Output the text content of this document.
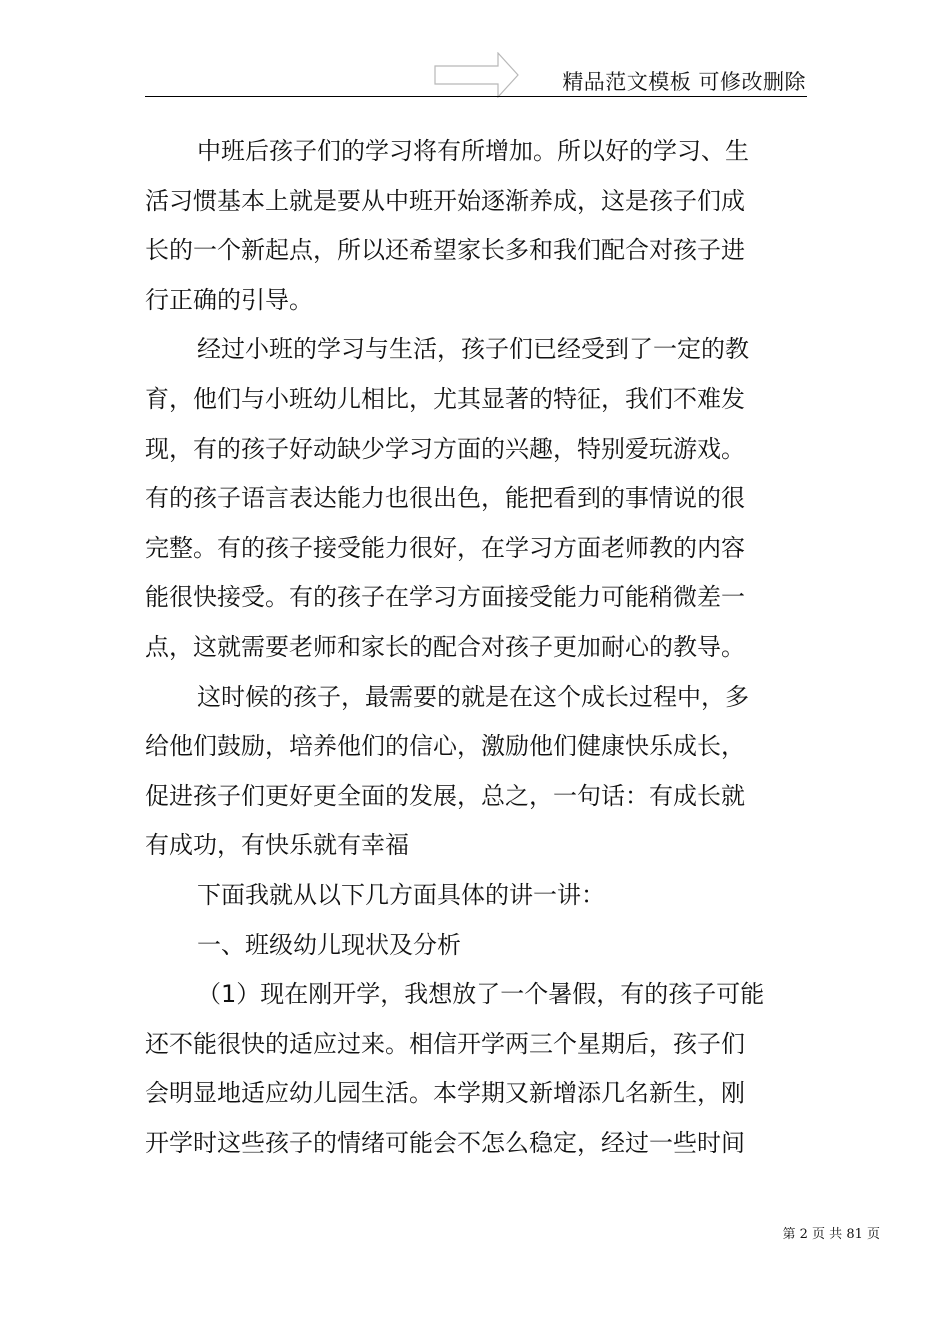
精品范文模板 可修改删除

中班后孩子们的学习将有所增加。所以好的学习、生

活习惯基本上就是要从中班开始逐渐养成，这是孩子们成

长的一个新起点，所以还希望家长多和我们配合对孩子进

行正确的引导。

经过小班的学习与生活，孩子们已经受到了一定的教

育，他们与小班幼儿相比，尤其显著的特征，我们不难发

现，有的孩子好动缺少学习方面的兴趣，特别爱玩游戏。

有的孩子语言表达能力也很出色，能把看到的事情说的很

完整。有的孩子接受能力很好，在学习方面老师教的内容

能很快接受。有的孩子在学习方面接受能力可能稍微差一

点，这就需要老师和家长的配合对孩子更加耐心的教导。

这时候的孩子，最需要的就是在这个成长过程中，多

给他们鼓励，培养他们的信心，激励他们健康快乐成长，

促进孩子们更好更全面的发展，总之，一句话：有成长就

有成功，有快乐就有幸福

下面我就从以下几方面具体的讲一讲：

一、班级幼儿现状及分析

（1）现在刚开学，我想放了一个暑假，有的孩子可能

还不能很快的适应过来。相信开学两三个星期后，孩子们

会明显地适应幼儿园生活。本学期又新增添几名新生，刚

开学时这些孩子的情绪可能会不怎么稳定，经过一些时间

第 2 页 共 81 页
